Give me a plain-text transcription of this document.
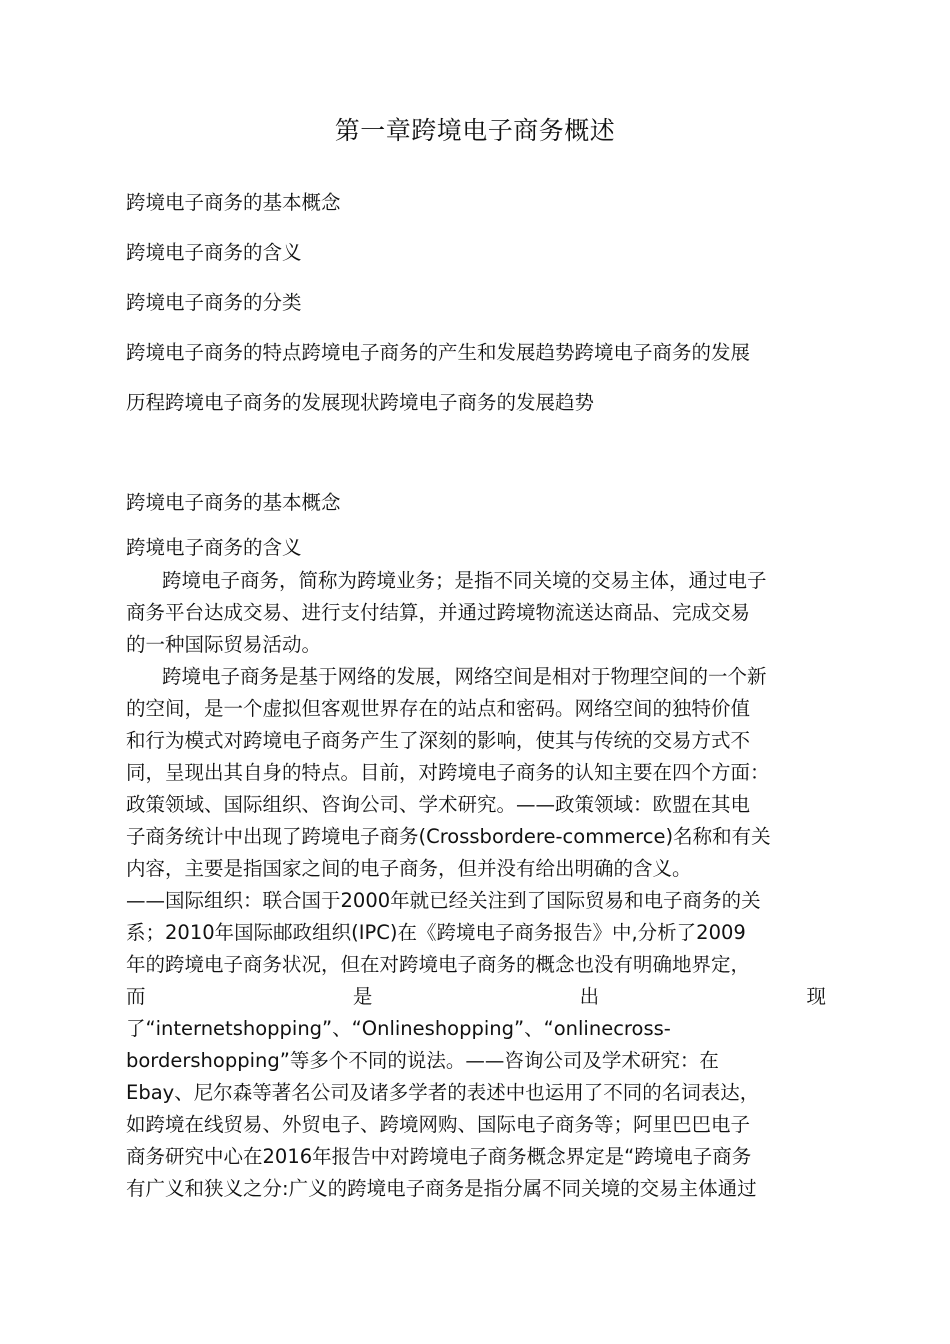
第一章跨境电子商务概述
跨境电子商务的基本概念
跨境电子商务的含义
跨境电子商务的分类
跨境电子商务的特点跨境电子商务的产生和发展趋势跨境电子商务的发展
历程跨境电子商务的发展现状跨境电子商务的发展趋势
跨境电子商务的基本概念
跨境电子商务的含义
跨境电子商务，简称为跨境业务；是指不同关境的交易主体，通过电子
商务平台达成交易、进行支付结算，并通过跨境物流送达商品、完成交易
的一种国际贸易活动。
跨境电子商务是基于网络的发展，网络空间是相对于物理空间的一个新
的空间，是一个虚拟但客观世界存在的站点和密码。网络空间的独特价值
和行为模式对跨境电子商务产生了深刻的影响，使其与传统的交易方式不
同，呈现出其自身的特点。目前，对跨境电子商务的认知主要在四个方面：
政策领域、国际组织、咨询公司、学术研究。——政策领域：欧盟在其电
子商务统计中出现了跨境电子商务(Crossbordere-commerce)名称和有关
内容，主要是指国家之间的电子商务，但并没有给出明确的含义。
——国际组织：联合国于2000年就已经关注到了国际贸易和电子商务的关
系；2010年国际邮政组织(IPC)在《跨境电子商务报告》中,分析了2009
年的跨境电子商务状况，但在对跨境电子商务的概念也没有明确地界定，
而	是	出	现
了“internetshopping”、“Onlineshopping”、“onlinecross-
bordershopping”等多个不同的说法。——咨询公司及学术研究：在
Ebay、尼尔森等著名公司及诸多学者的表述中也运用了不同的名词表达，
如跨境在线贸易、外贸电子、跨境网购、国际电子商务等；阿里巴巴电子
商务研究中心在2016年报告中对跨境电子商务概念界定是“跨境电子商务
有广义和狭义之分:广义的跨境电子商务是指分属不同关境的交易主体通过
